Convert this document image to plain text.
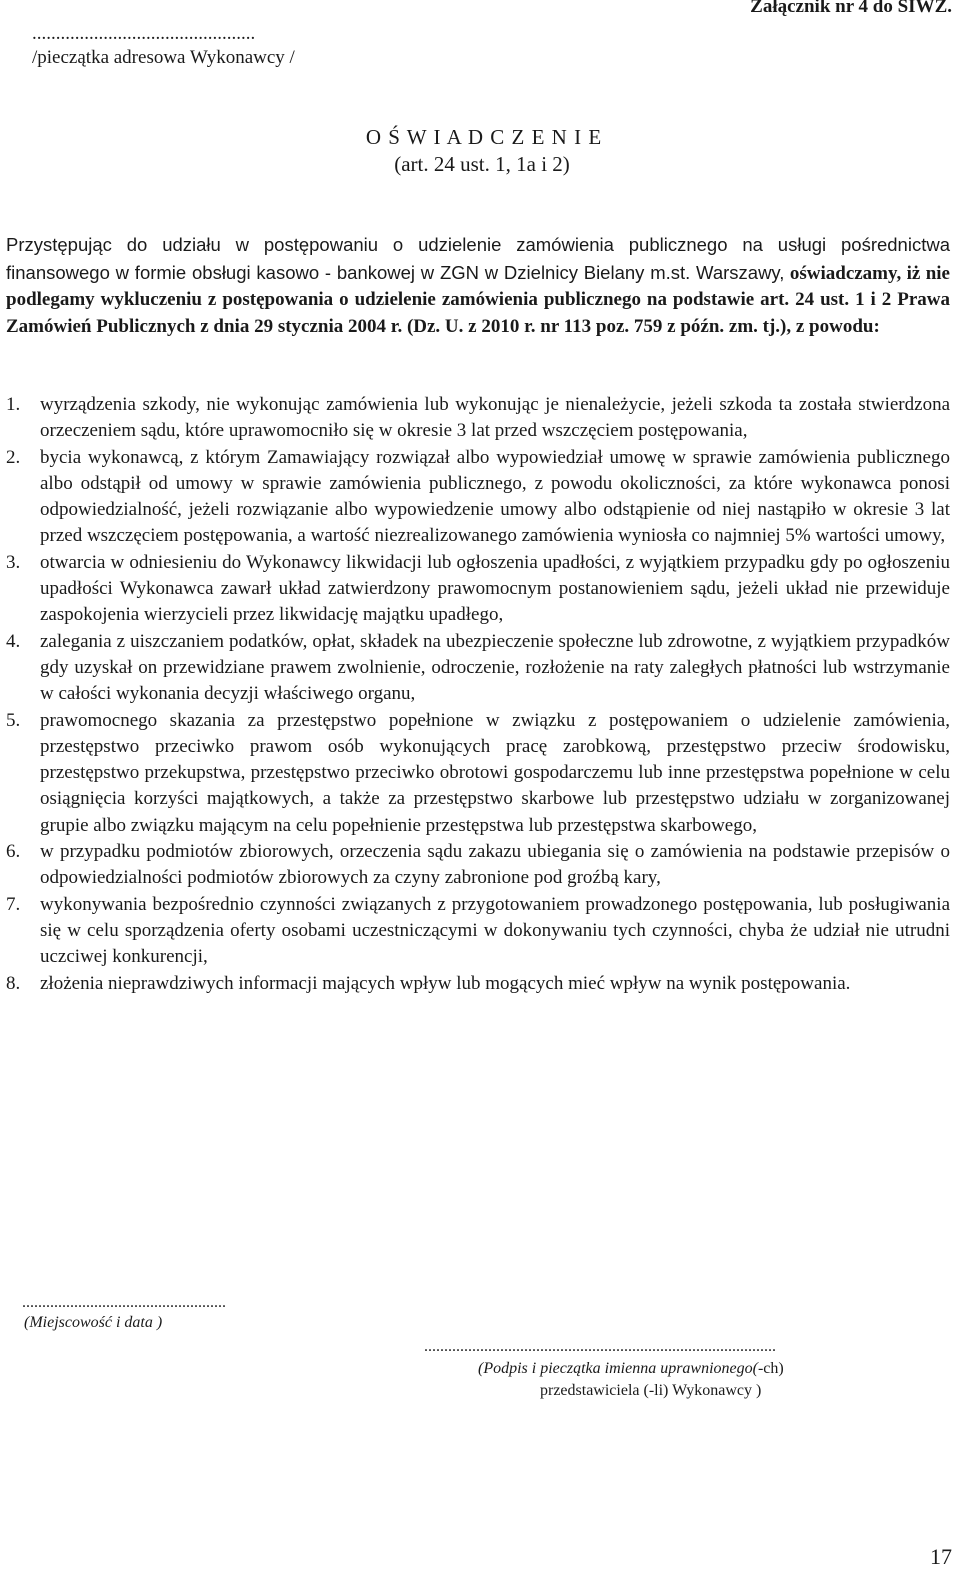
...............................................
/pieczątka adresowa Wykonawcy /
Załącznik nr 4 do SIWZ.
O Ś W I A D C Z E N I E
(art. 24 ust. 1, 1a i 2)
Przystępując do udziału w postępowaniu o udzielenie zamówienia publicznego na usługi pośrednictwa finansowego w formie obsługi kasowo - bankowej w ZGN w Dzielnicy Bielany m.st. Warszawy, oświadczamy, iż nie podlegamy wykluczeniu z postępowania o udzielenie zamówienia publicznego na podstawie art. 24 ust. 1 i 2 Prawa Zamówień Publicznych z dnia 29 stycznia 2004 r. (Dz. U. z 2010 r. nr 113 poz. 759 z późn. zm. tj.), z powodu:
1. wyrządzenia szkody, nie wykonując zamówienia lub wykonując je nienależycie, jeżeli szkoda ta została stwierdzona orzeczeniem sądu, które uprawomocniło się w okresie 3 lat przed wszczęciem postępowania,
2. bycia wykonawcą, z którym Zamawiający rozwiązał albo wypowiedział umowę w sprawie zamówienia publicznego albo odstąpił od umowy w sprawie zamówienia publicznego, z powodu okoliczności, za które wykonawca ponosi odpowiedzialność, jeżeli rozwiązanie albo wypowiedzenie umowy albo odstąpienie od niej nastąpiło w okresie 3 lat przed wszczęciem postępowania, a wartość niezrealizowanego zamówienia wyniosła co najmniej 5% wartości umowy,
3. otwarcia w odniesieniu do Wykonawcy likwidacji lub ogłoszenia upadłości, z wyjątkiem przypadku gdy po ogłoszeniu upadłości Wykonawca zawarł układ zatwierdzony prawomocnym postanowieniem sądu, jeżeli układ nie przewiduje zaspokojenia wierzycieli przez likwidację majątku upadłego,
4. zalegania z uiszczaniem podatków, opłat, składek na ubezpieczenie społeczne lub zdrowotne, z wyjątkiem przypadków gdy uzyskał on przewidziane prawem zwolnienie, odroczenie, rozłożenie na raty zaległych płatności lub wstrzymanie w całości wykonania decyzji właściwego organu,
5. prawomocnego skazania za przestępstwo popełnione w związku z postępowaniem o udzielenie zamówienia, przestępstwo przeciwko prawom osób wykonujących pracę zarobkową, przestępstwo przeciw środowisku, przestępstwo przekupstwa, przestępstwo przeciwko obrotowi gospodarczemu lub inne przestępstwa popełnione w celu osiągnięcia korzyści majątkowych, a także za przestępstwo skarbowe lub przestępstwo udziału w zorganizowanej grupie albo związku mającym na celu popełnienie przestępstwa lub przestępstwa skarbowego,
6. w przypadku podmiotów zbiorowych, orzeczenia sądu zakazu ubiegania się o zamówienia na podstawie przepisów o odpowiedzialności podmiotów zbiorowych za czyny zabronione pod groźbą kary,
7. wykonywania bezpośrednio czynności związanych z przygotowaniem prowadzonego postępowania, lub posługiwania się w celu sporządzenia oferty osobami uczestniczącymi w dokonywaniu tych czynności, chyba że udział nie utrudni uczciwej konkurencji,
8. złożenia nieprawdziwych informacji mających wpływ lub mogących mieć wpływ na wynik postępowania.
...................................................
(Miejscowość i data )
........................................................................................
(Podpis i pieczątka imienna uprawnionego(-ch)
przedstawiciela (-li) Wykonawcy )
17
